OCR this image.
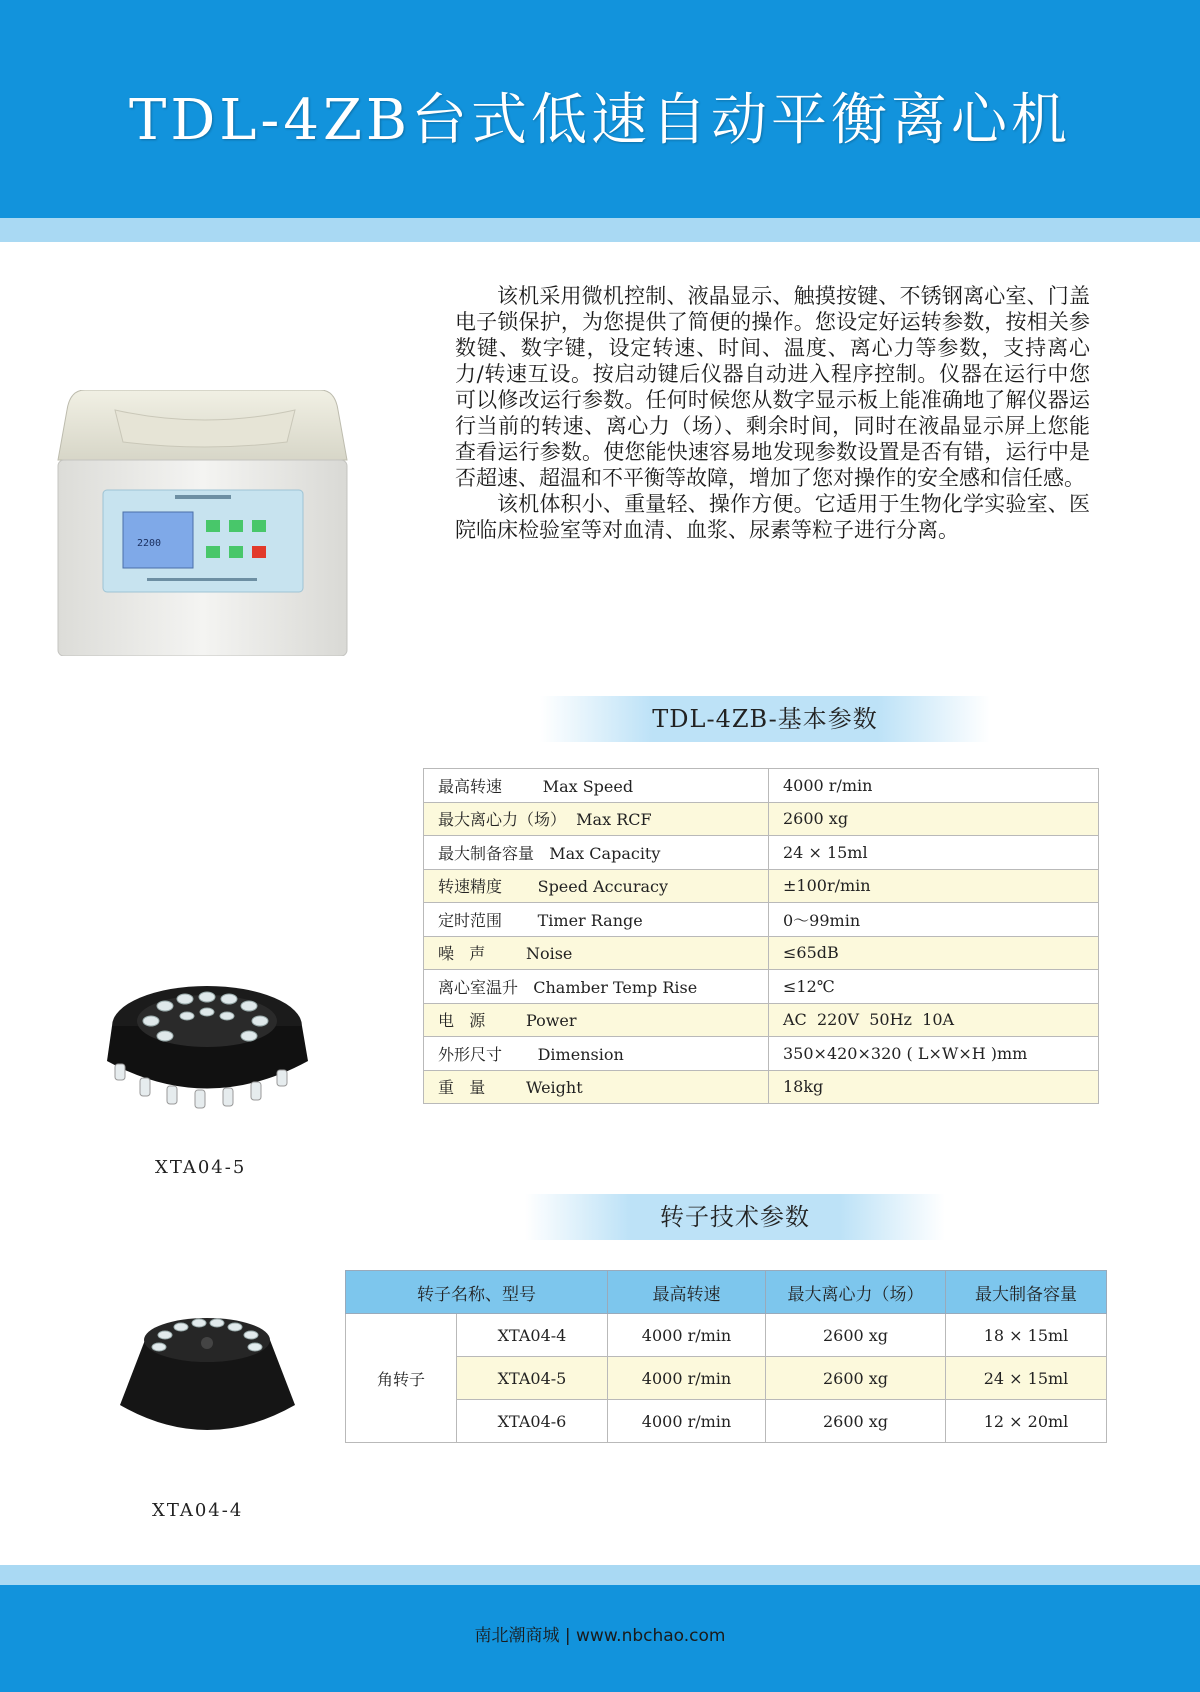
TDL-4ZB台式低速自动平衡离心机
2200

该机采用微机控制、液晶显示、触摸按键、不锈钢离心室、门盖电子锁保护，为您提供了简便的操作。您设定好运转参数，按相关参数键、数字键，设定转速、时间、温度、离心力等参数，支持离心力/转速互设。按启动键后仪器自动进入程序控制。仪器在运行中您可以修改运行参数。任何时候您从数字显示板上能准确地了解仪器运行当前的转速、离心力（场）、剩余时间，同时在液晶显示屏上您能查看运行参数。使您能快速容易地发现参数设置是否有错，运行中是否超速、超温和不平衡等故障，增加了您对操作的安全感和信任感。

该机体积小、重量轻、操作方便。它适用于生物化学实验室、医院临床检验室等对血清、血浆、尿素等粒子进行分离。

TDL-4ZB-基本参数
最高转速        Max Speed	4000 r/min
最大离心力（场）  Max RCF	2600 xg
最大制备容量   Max Capacity	24 × 15ml
转速精度       Speed Accuracy	±100r/min
定时范围       Timer Range	0～99min
噪   声        Noise	≤65dB
离心室温升   Chamber Temp Rise	≤12℃
电   源        Power	AC  220V  50Hz  10A
外形尺寸       Dimension	350×420×320 ( L×W×H )mm
重   量        Weight	18kg
XTA04-5
转子技术参数
转子名称、型号		最高转速	最大离心力（场）	最大制备容量
角转子	XTA04-4	4000 r/min	2600 xg	18 × 15ml
	XTA04-5	4000 r/min	2600 xg	24 × 15ml
	XTA04-6	4000 r/min	2600 xg	12 × 20ml
XTA04-4
南北潮商城 | www.nbchao.com
